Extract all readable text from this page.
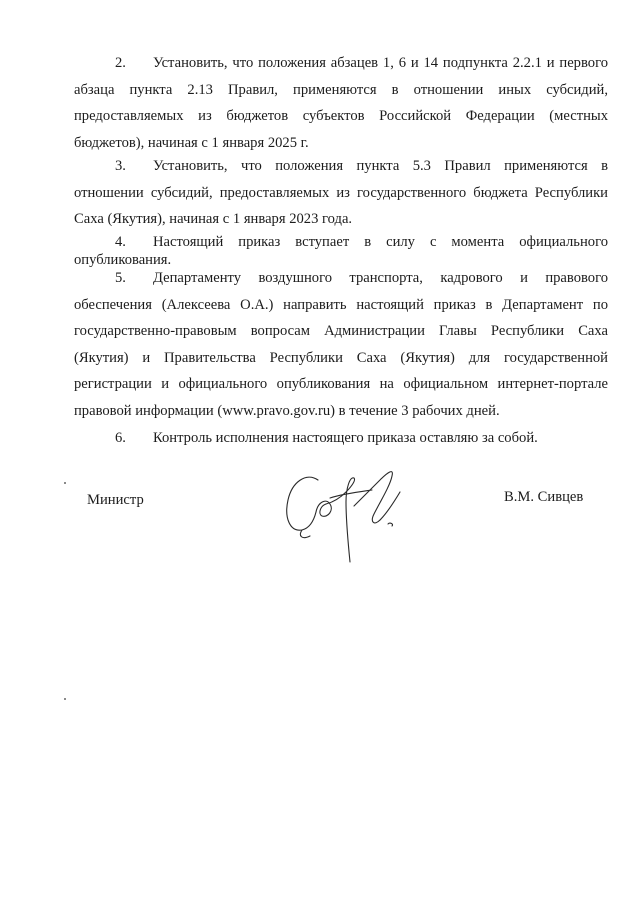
2. Установить, что положения абзацев 1, 6 и 14 подпункта 2.2.1 и первого абзаца пункта 2.13 Правил, применяются в отношении иных субсидий, предоставляемых из бюджетов субъектов Российской Федерации (местных бюджетов), начиная с 1 января 2025 г.

3. Установить, что положения пункта 5.3 Правил применяются в отношении субсидий, предоставляемых из государственного бюджета Республики Саха (Якутия), начиная с 1 января 2023 года.

4. Настоящий приказ вступает в силу с момента официального опубликования.

5. Департаменту воздушного транспорта, кадрового и правового обеспечения (Алексеева О.А.) направить настоящий приказ в Департамент по государственно-правовым вопросам Администрации Главы Республики Саха (Якутия) и Правительства Республики Саха (Якутия) для государственной регистрации и официального опубликования на официальном интернет-портале правовой информации (www.pravo.gov.ru) в течение 3 рабочих дней.

6. Контроль исполнения настоящего приказа оставляю за собой.

Министр	В.М. Сивцев
